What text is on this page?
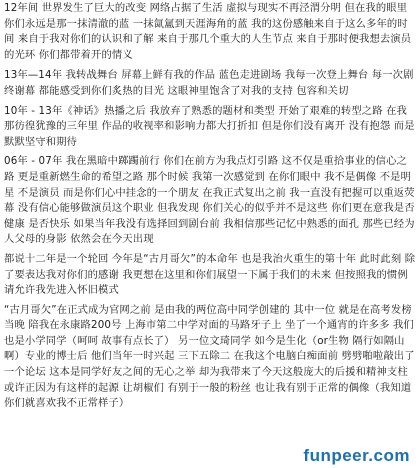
12年间 世界发生了巨大的改变 网络占据了生活 虚拟与现实不再泾渭分明 但在我的眼里 你们永远是那一抹清澈的蓝 一抹氤氲到天涯海角的蓝 我的这份感触来自于这么多年的时间 来自于我对你们的认识和了解 来自于那几个重大的人生节点 来自于那时便我想去演员的光环 你们都带着开的情义

13年—14年 我转战舞台 屏幕上鲜有我的作品 蓝色走进剧场 我每一次登上舞台 每一次剧终谢幕 都能感受到你们炙热的目光 这眼神里饱含了对我的支持 包容和关切

10年 - 13年《神话》热播之后 我放弃了熟悉的题材和类型 开始了艰难的转型之路 在我那彷徨犹豫的三年里 作品的收视率和影响力都大打折扣 但是你们没有离开 没有抱怨 而是默默坚守和期待

06年 - 07年 我在黑暗中踯躅前行 你们在前方为我点灯引路 这不仅是重拾事业的信心之路 更是重新燃生命的希望之路 那个时候 我第一次感觉到 在你们眼中 我不是偶像 不是明星 不是演员 而是你们心中挂念的一个朋友 在我正式复出之前 我一直没有把握可以重返荧幕 没有信心能够做演员这个职业 但我发现 你们关心的似乎并不是这些 你们更在意我是否健康 是否快乐 如果当年我没有选择回到剧台前 我相信那些记忆中熟悉的面孔 那些已经为人父母的身影 依然会在今天出现

都说十二年是一个轮回 今年是“古月哥欠”的本命年 也是我治火重生的第十年 此时此刻 除了要表达我对你们的感谢 我更想在这里和你们展望一下属于我们的未来 但按照我的惯例 请允许我先进入怀旧模式

“古月哥欠”在正式成为官网之前 是由我的两位高中同学创建的 其中一位 就是在高考发榜当晚 陪我在永康路200号 上海市第二中学对面的马路牙子上 坐了一个通宵的许多多 我们也是小学同学（呵呵 故事有点长了） 另一位文琦同学 如今是生化（or生物 隔行如隔山啊）专业的博士后 他们当年一时兴起 三下五除二 在我这个电脑白痴面前 劈劈啪啦敲出了一个论坛 这本是同学好友之间的无心之举 却为我带来了今天这般庞大的后援和精神支柱 或许正因为有这样的起源 让胡椒们 有别于一般的粉丝 也让我有别于正常的偶像（我知道你们就喜欢我不正常样子）

funpeer.com
